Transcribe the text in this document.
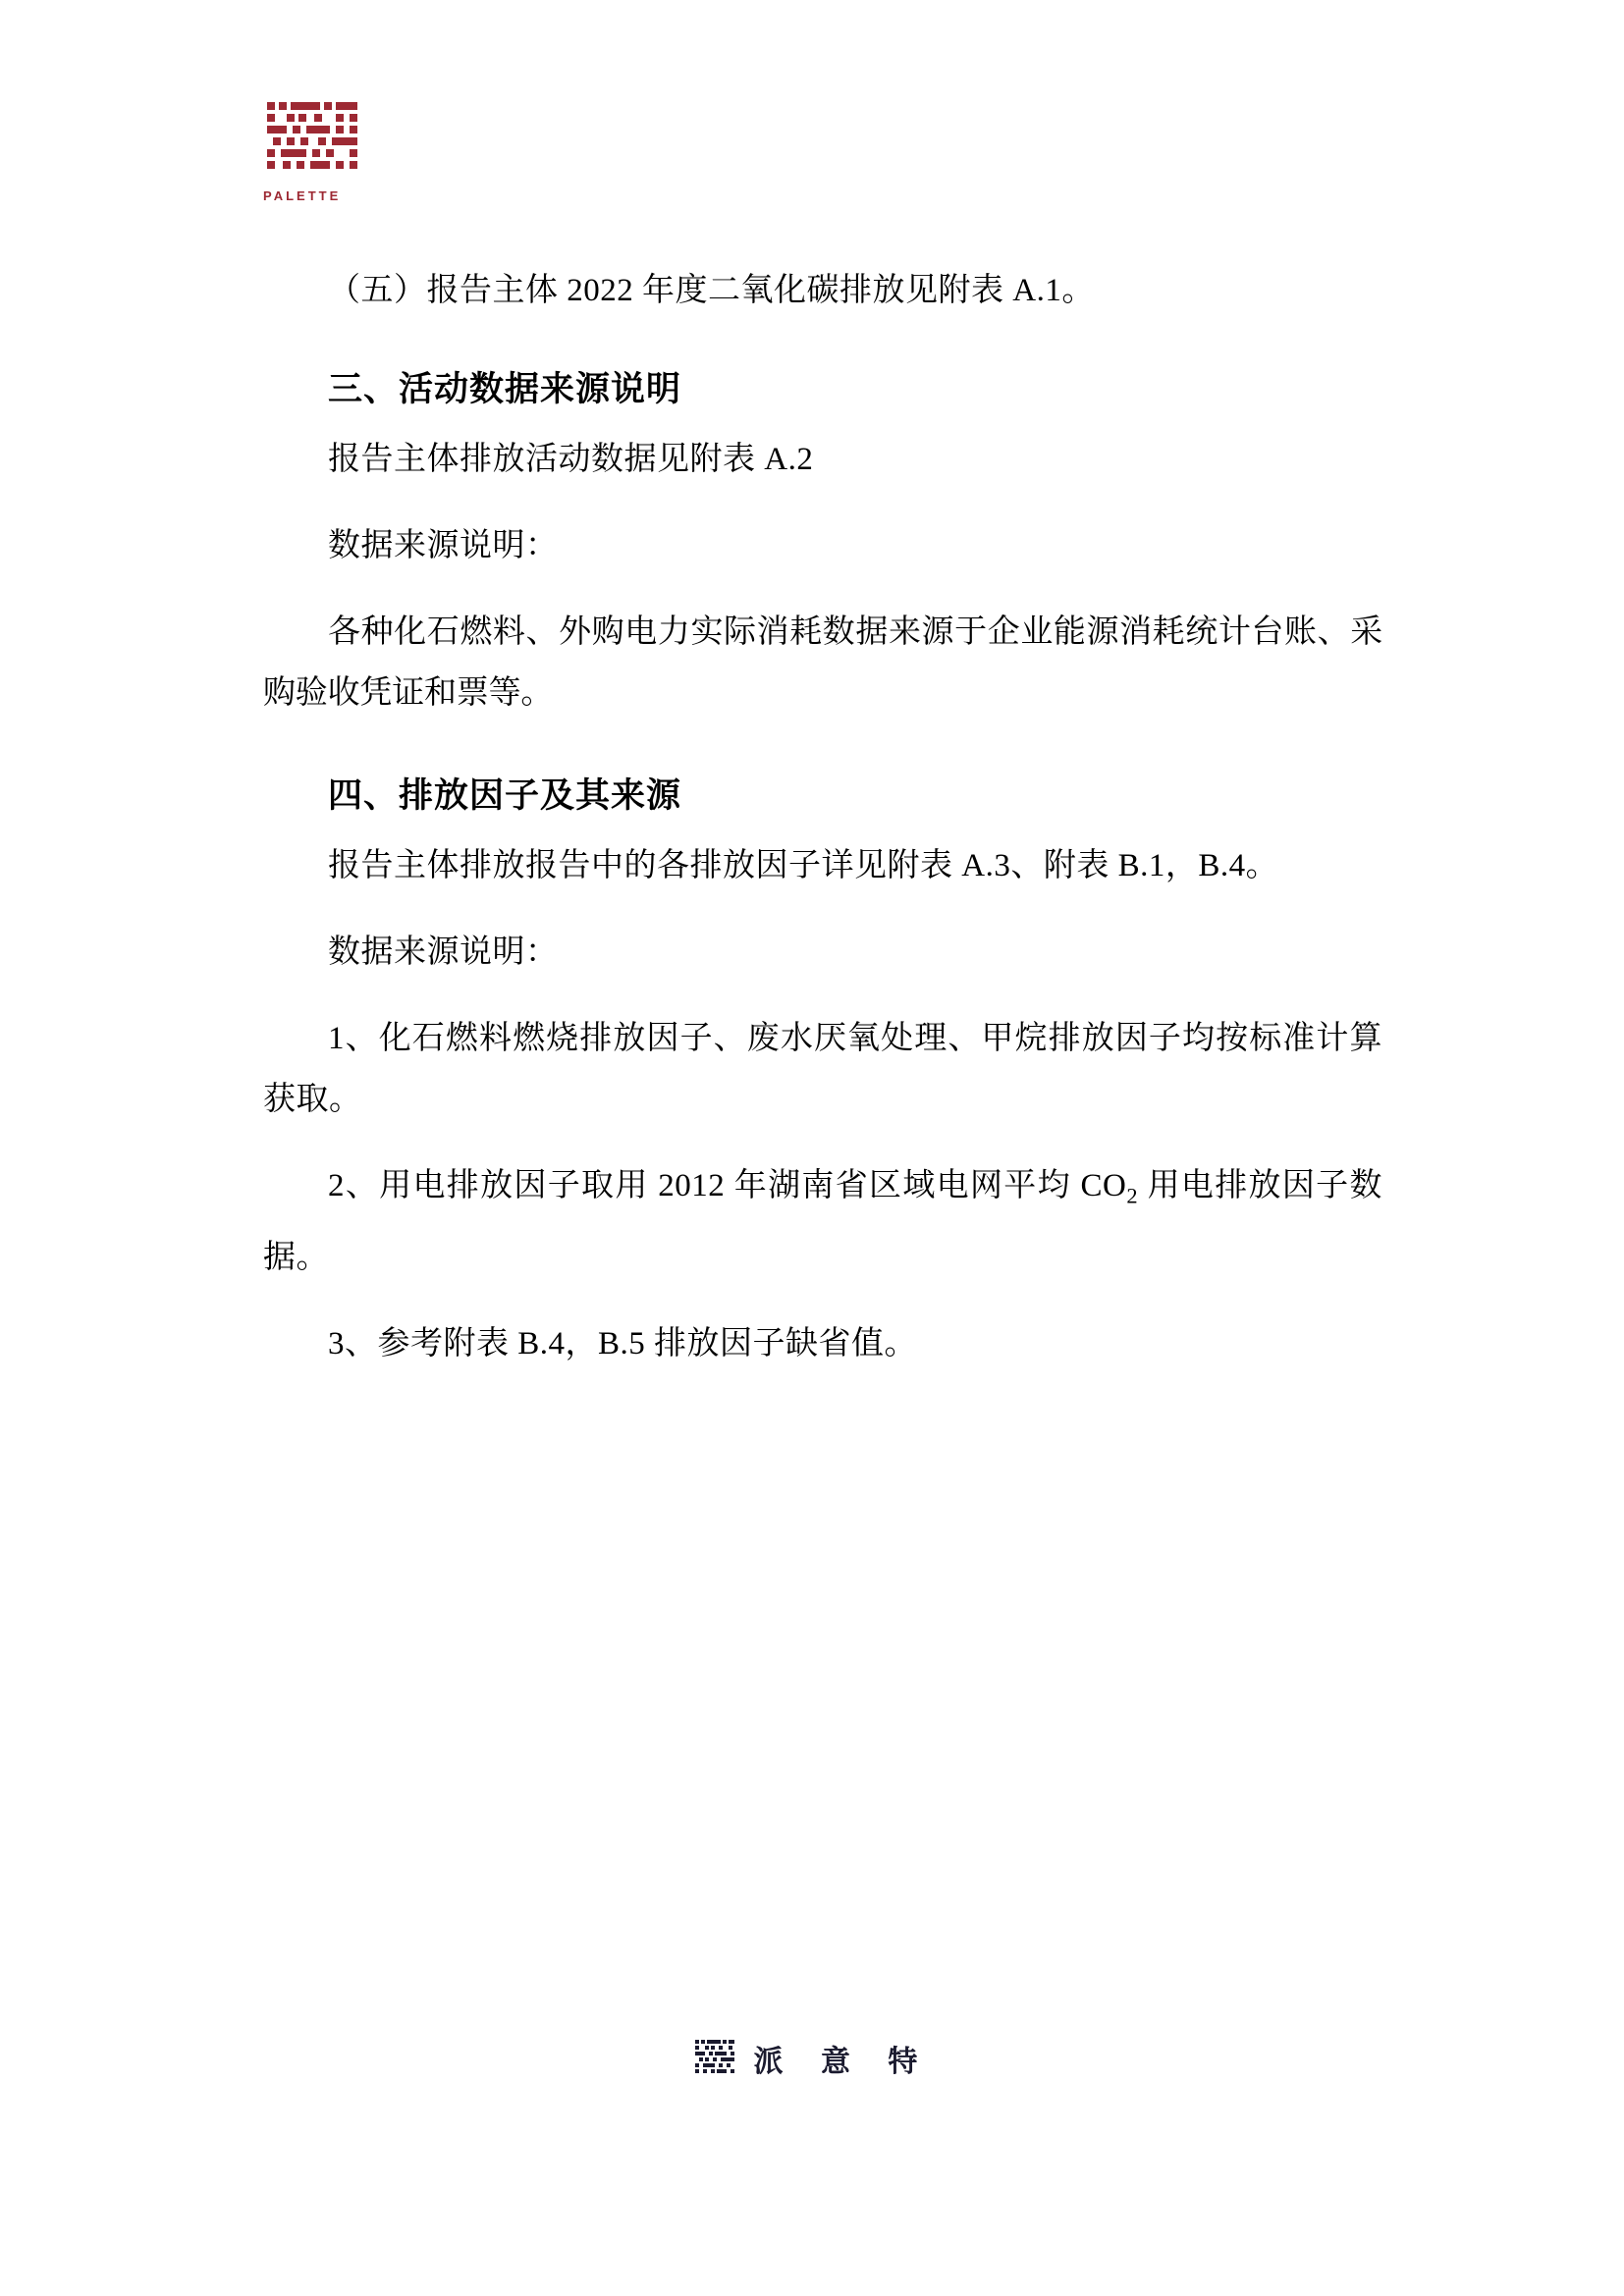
PALETTE

（五）报告主体 2022 年度二氧化碳排放见附表 A.1。

三、活动数据来源说明

报告主体排放活动数据见附表 A.2

数据来源说明：

各种化石燃料、外购电力实际消耗数据来源于企业能源消耗统计台账、采购验收凭证和票等。

四、排放因子及其来源

报告主体排放报告中的各排放因子详见附表 A.3、附表 B.1，B.4。

数据来源说明：

1、化石燃料燃烧排放因子、废水厌氧处理、甲烷排放因子均按标准计算获取。

2、用电排放因子取用 2012 年湖南省区域电网平均 $CO_2$ 用电排放因子数据。

3、参考附表 B.4，B.5 排放因子缺省值。

派 意 特
